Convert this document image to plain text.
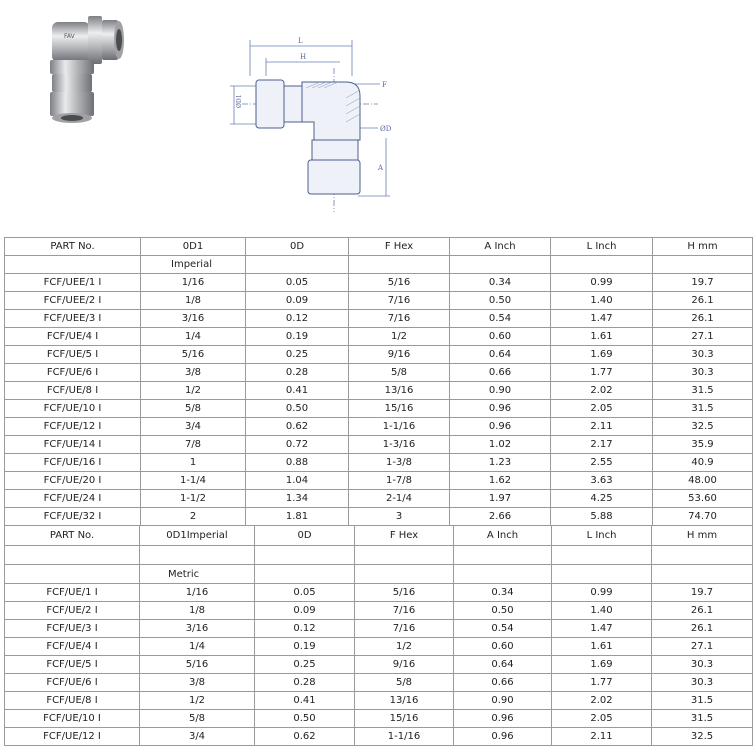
FAV
L
H
F
ØD
ØD1
A
PART No.	0D1	0D	F Hex	A Inch	L Inch	H mm
	Imperial					
FCF/UEE/1 I	1/16	0.05	5/16	0.34	0.99	19.7
FCF/UEE/2 I	1/8	0.09	7/16	0.50	1.40	26.1
FCF/UEE/3 I	3/16	0.12	7/16	0.54	1.47	26.1
FCF/UE/4 I	1/4	0.19	1/2	0.60	1.61	27.1
FCF/UE/5 I	5/16	0.25	9/16	0.64	1.69	30.3
FCF/UE/6 I	3/8	0.28	5/8	0.66	1.77	30.3
FCF/UE/8 I	1/2	0.41	13/16	0.90	2.02	31.5
FCF/UE/10 I	5/8	0.50	15/16	0.96	2.05	31.5
FCF/UE/12 I	3/4	0.62	1-1/16	0.96	2.11	32.5
FCF/UE/14 I	7/8	0.72	1-3/16	1.02	2.17	35.9
FCF/UE/16 I	1	0.88	1-3/8	1.23	2.55	40.9
FCF/UE/20 I	1-1/4	1.04	1-7/8	1.62	3.63	48.00
FCF/UE/24 I	1-1/2	1.34	2-1/4	1.97	4.25	53.60
FCF/UE/32 I	2	1.81	3	2.66	5.88	74.70
PART No.	0D1Imperial	0D	F Hex	A Inch	L Inch	H mm

	Metric					
FCF/UE/1 I	1/16	0.05	5/16	0.34	0.99	19.7
FCF/UE/2 I	1/8	0.09	7/16	0.50	1.40	26.1
FCF/UE/3 I	3/16	0.12	7/16	0.54	1.47	26.1
FCF/UE/4 I	1/4	0.19	1/2	0.60	1.61	27.1
FCF/UE/5 I	5/16	0.25	9/16	0.64	1.69	30.3
FCF/UE/6 I	3/8	0.28	5/8	0.66	1.77	30.3
FCF/UE/8 I	1/2	0.41	13/16	0.90	2.02	31.5
FCF/UE/10 I	5/8	0.50	15/16	0.96	2.05	31.5
FCF/UE/12 I	3/4	0.62	1-1/16	0.96	2.11	32.5
